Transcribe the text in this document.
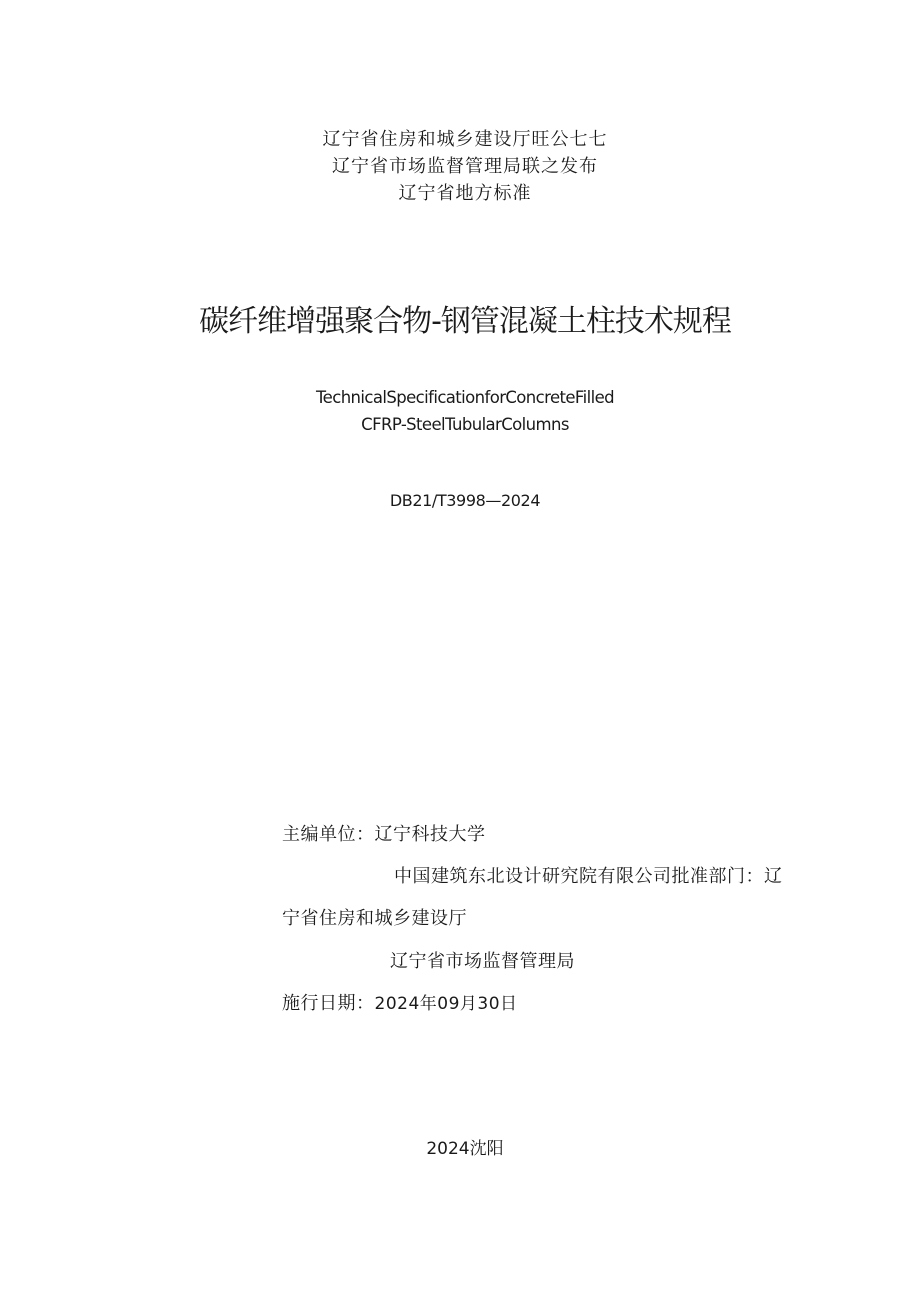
辽宁省住房和城乡建设厅旺公七七
辽宁省市场监督管理局联之发布
辽宁省地方标准
碳纤维增强聚合物-钢管混凝土柱技术规程
TechnicalSpecificationforConcreteFilled
CFRP-SteelTubularColumns
DB21/T3998—2024
主编单位：辽宁科技大学
中国建筑东北设计研究院有限公司批准部门：辽
宁省住房和城乡建设厅
辽宁省市场监督管理局
施行日期：2024年09月30日
2024沈阳
